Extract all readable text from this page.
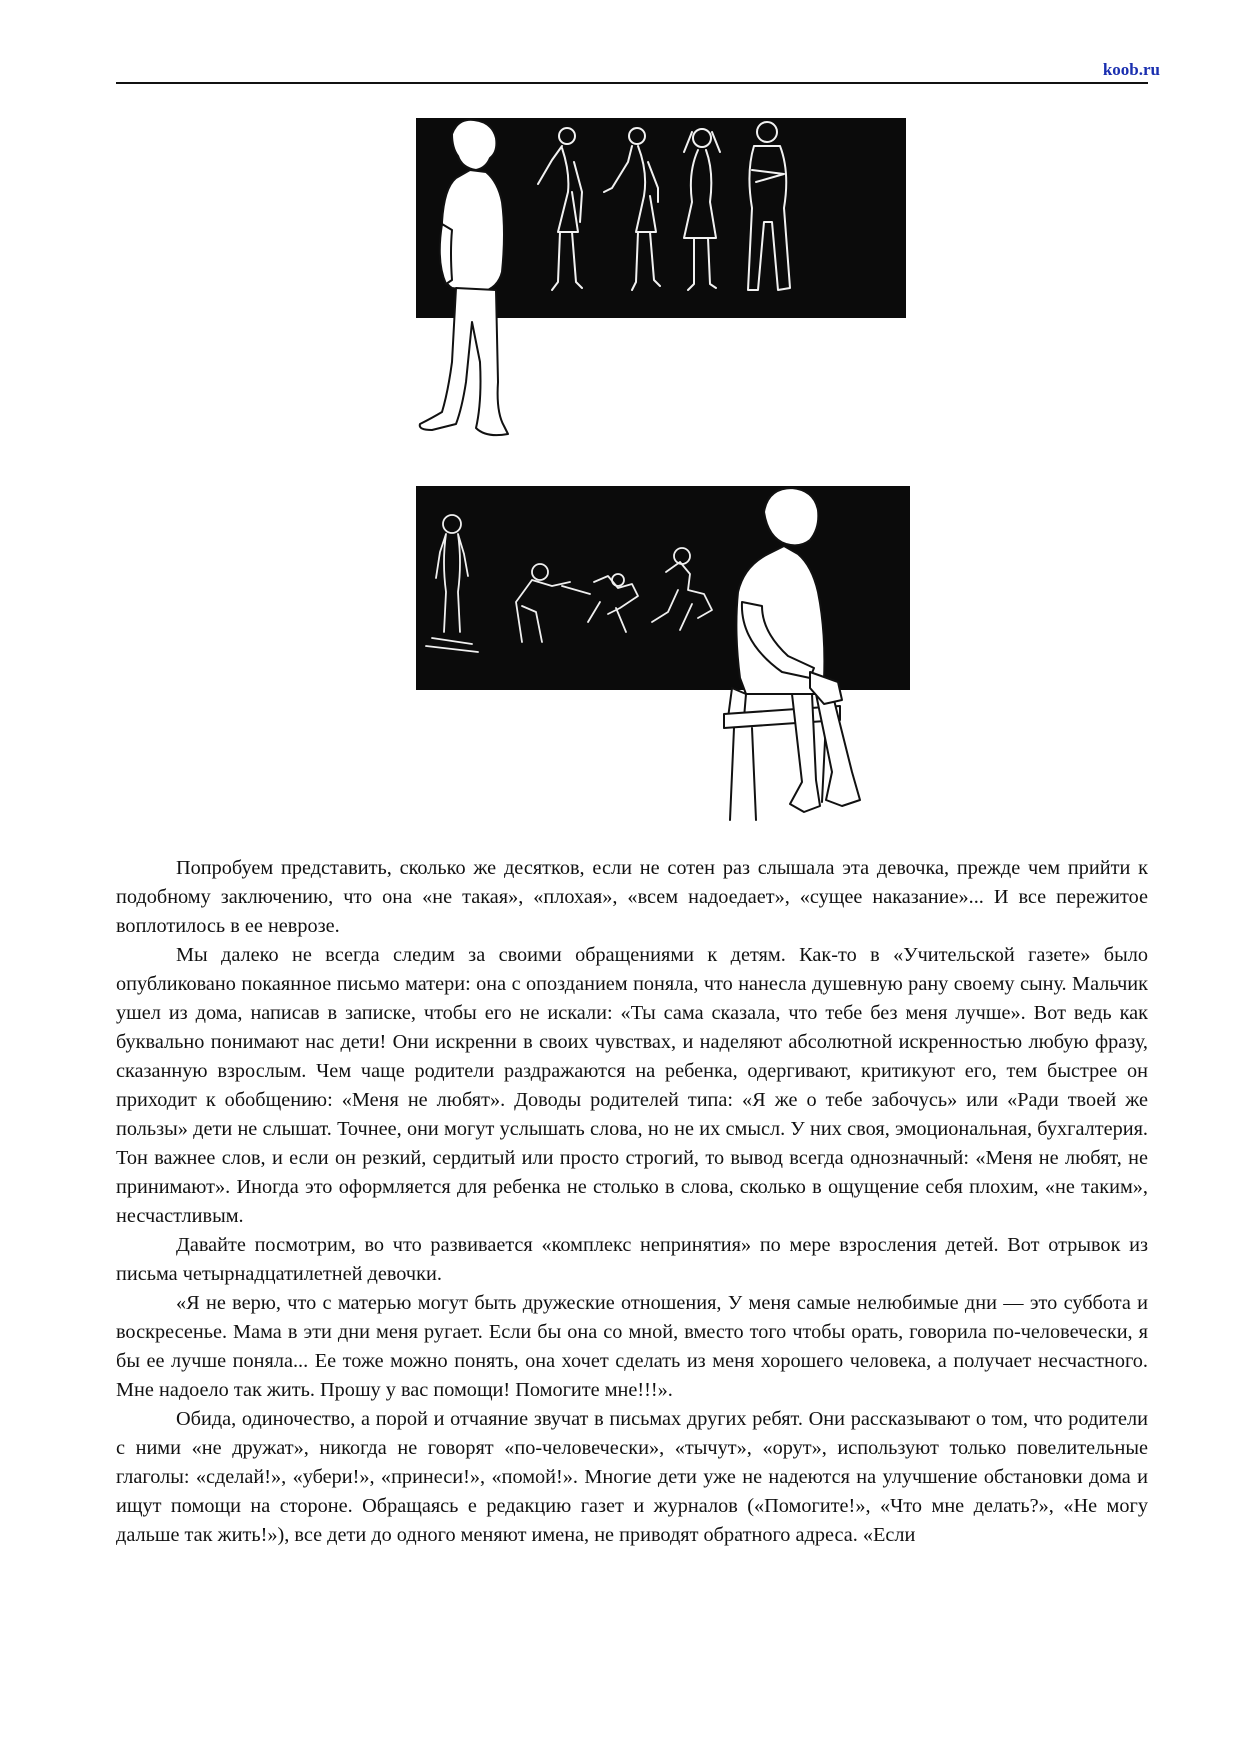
koob.ru

Попробуем представить, сколько же десятков, если не сотен раз слышала эта девочка, прежде чем прийти к подобному заключению, что она «не такая», «плохая», «всем надоедает», «сущее наказание»... И все пережитое воплотилось в ее неврозе.

Мы далеко не всегда следим за своими обращениями к детям. Как-то в «Учительской газете» было опубликовано покаянное письмо матери: она с опозданием поняла, что нанесла душевную рану своему сыну. Мальчик ушел из дома, написав в записке, чтобы его не искали: «Ты сама сказала, что тебе без меня лучше». Вот ведь как буквально понимают нас дети! Они искренни в своих чувствах, и наделяют абсолютной искренностью любую фразу, сказанную взрослым. Чем чаще родители раздражаются на ребенка, одергивают, критикуют его, тем быстрее он приходит к обобщению: «Меня не любят». Доводы родителей типа: «Я же о тебе забочусь» или «Ради твоей же пользы» дети не слышат. Точнее, они могут услышать слова, но не их смысл. У них своя, эмоциональная, бухгалтерия. Тон важнее слов, и если он резкий, сердитый или просто строгий, то вывод всегда однозначный: «Меня не любят, не принимают». Иногда это оформляется для ребенка не столько в слова, сколько в ощущение себя плохим, «не таким», несчастливым.

Давайте посмотрим, во что развивается «комплекс непринятия» по мере взросления детей. Вот отрывок из письма четырнадцатилетней девочки.

«Я не верю, что с матерью могут быть дружеские отношения, У меня самые нелюбимые дни — это суббота и воскресенье. Мама в эти дни меня ругает. Если бы она со мной, вместо того чтобы орать, говорила по-человечески, я бы ее лучше поняла... Ее тоже можно понять, она хочет сделать из меня хорошего человека, а получает несчастного. Мне надоело так жить. Прошу у вас помощи! Помогите мне!!!».

Обида, одиночество, а порой и отчаяние звучат в письмах других ребят. Они рассказывают о том, что родители с ними «не дружат», никогда не говорят «по-человечески», «тычут», «орут», используют только повелительные глаголы: «сделай!», «убери!», «принеси!», «помой!». Многие дети уже не надеются на улучшение обстановки дома и ищут помощи на стороне. Обращаясь е редакцию газет и журналов («Помогите!», «Что мне делать?», «Не могу дальше так жить!»), все дети до одного меняют имена, не приводят обратного адреса. «Если
